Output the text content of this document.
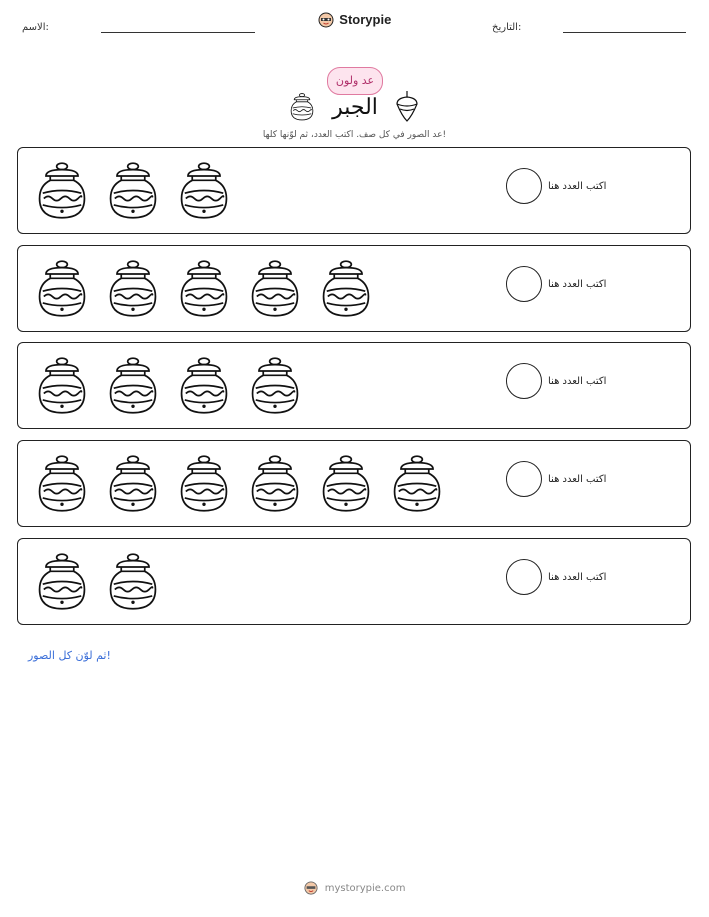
الاسم:
Storypie
التاريخ:
عد ولون
الجبر
عد الصور في كل صف. اكتب العدد، ثم لوّنها كلها!
اكتب العدد هنا
اكتب العدد هنا
اكتب العدد هنا
اكتب العدد هنا
اكتب العدد هنا
ثم لوّن كل الصور!
mystorypie.com
